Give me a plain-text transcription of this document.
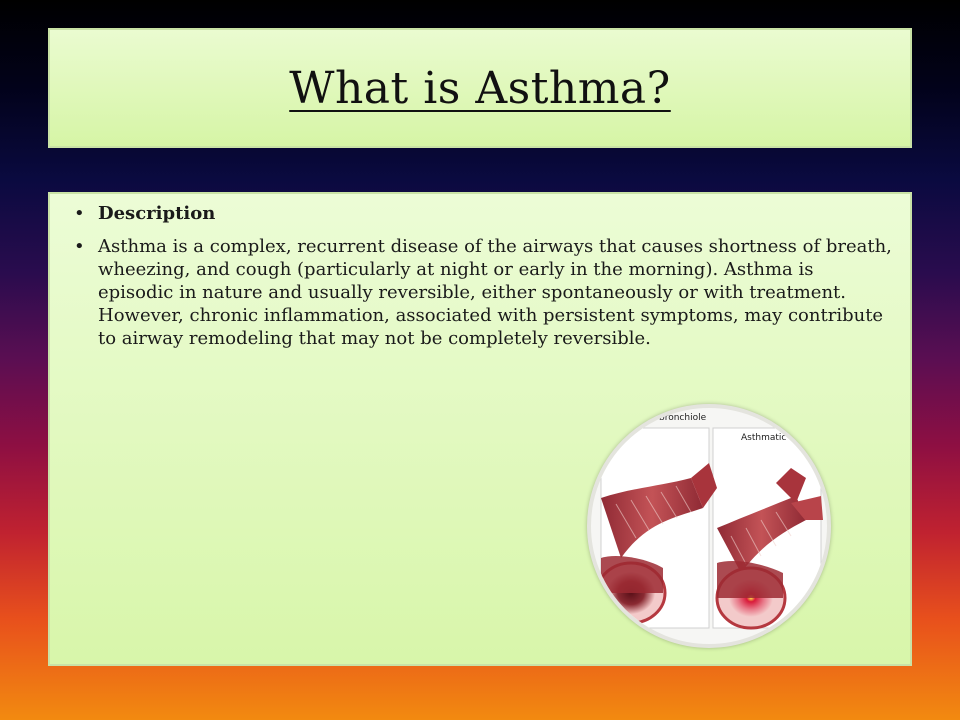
What is Asthma?
• Description
• Asthma is a complex, recurrent disease of the airways that causes shortness of breath, wheezing, and cough (particularly at night or early in the morning). Asthma is episodic in nature and usually reversible, either spontaneously or with treatment. However, chronic inflammation, associated with persistent symptoms, may contribute to airway remodeling that may not be completely reversible.
bronchiole
Asthmatic br
